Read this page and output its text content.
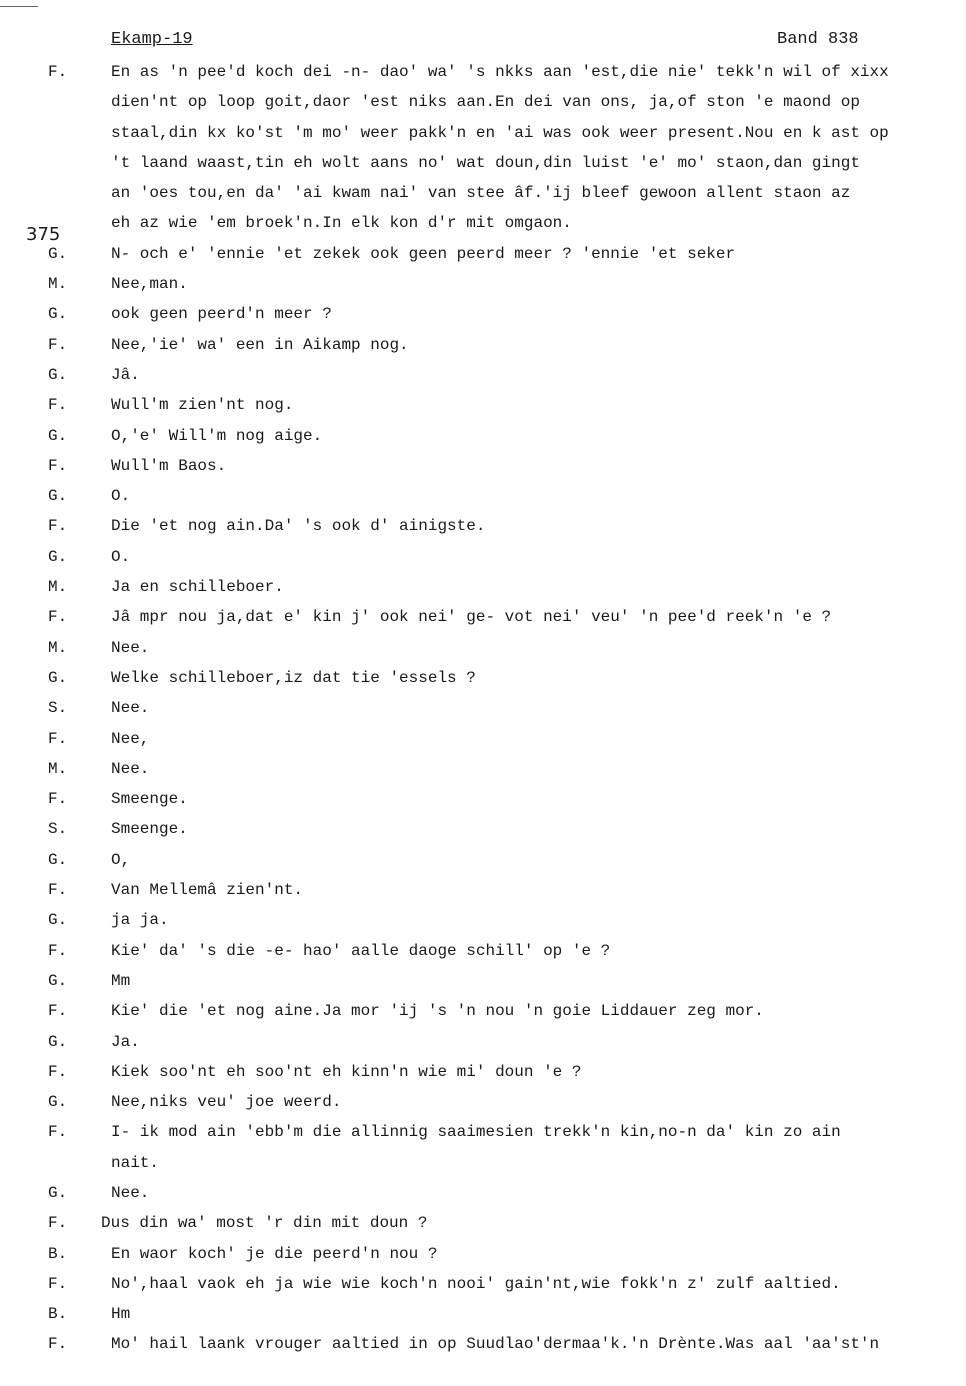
Ekamp-19	Band 838
375
F.	En as 'n pee'd koch dei -n- dao' wa' 's nkks aan 'est,die nie' tekk'n wil of xixx
dien'nt op loop goit,daor 'est niks aan.En dei van ons, ja,of ston 'e maond op
staal,din kx ko'st 'm mo' weer pakk'n en 'ai was ook weer present.Nou en k ast op
't laand waast,tin eh wolt aans no' wat doun,din luist 'e' mo' staon,dan gingt
an 'oes tou,en da' 'ai kwam nai' van stee âf.'ij bleef gewoon allent staon az
eh az wie 'em broek'n.In elk kon d'r mit omgaon.
G.	N- och e' 'ennie 'et zekek ook geen peerd meer ? 'ennie 'et seker
M.	Nee,man.
G.	ook geen peerd'n meer ?
F.	Nee,'ie' wa' een in Aikamp nog.
G.	Jâ.
F.	Wull'm zien'nt nog.
G.	O,'e' Will'm nog aige.
F.	Wull'm Baos.
G.	O.
F.	Die 'et nog ain.Da' 's ook d' ainigste.
G.	O.
M.	Ja en schilleboer.
F.	Jâ mpr nou ja,dat e' kin j' ook nei' ge- vot nei' veu' 'n pee'd reek'n 'e ?
M.	Nee.
G.	Welke schilleboer,iz dat tie 'essels ?
S.	Nee.
F.	Nee,
M.	Nee.
F.	Smeenge.
S.	Smeenge.
G.	O,
F.	Van Mellemâ zien'nt.
G.	ja ja.
F.	Kie' da' 's die -e- hao' aalle daoge schill' op 'e ?
G.	Mm
F.	Kie' die 'et nog aine.Ja mor 'ij 's 'n nou 'n goie Liddauer zeg mor.
G.	Ja.
F.	Kiek soo'nt eh soo'nt eh kinn'n wie mi' doun 'e ?
G.	Nee,niks veu' joe weerd.
F.	I- ik mod ain 'ebb'm die allinnig saaimesien trekk'n kin,no-n da' kin zo ain
nait.
G.	Nee.
F. Dus din wa' most 'r din mit doun ?
B.	En waor koch' je die peerd'n nou ?
F.	No',haal vaok eh ja wie wie koch'n nooi' gain'nt,wie fokk'n z' zulf aaltied.
B.	Hm
F.	Mo' hail laank vrouger aaltied in op Suudlao'dermaa'k.'n Drènte.Was aal 'aa'st'n
